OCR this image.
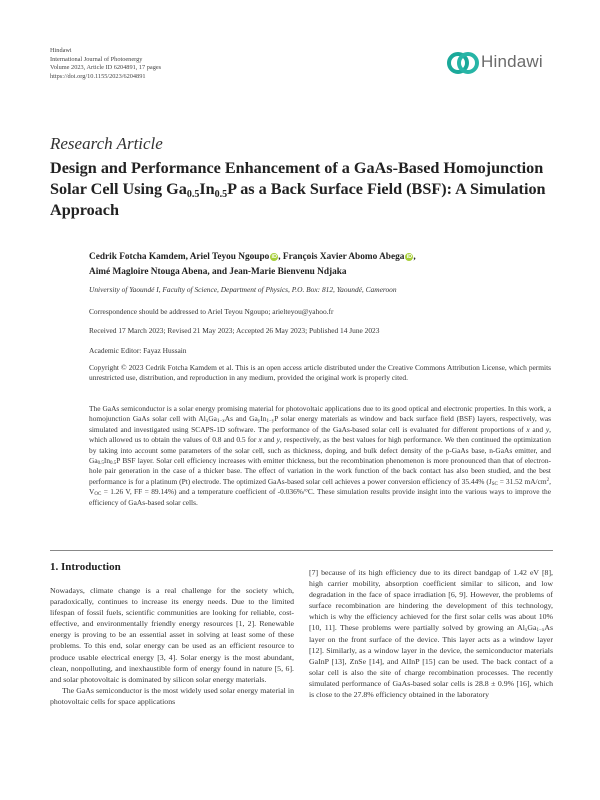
Hindawi
International Journal of Photoenergy
Volume 2023, Article ID 6204891, 17 pages
https://doi.org/10.1155/2023/6204891
Hindawi
Research Article
Design and Performance Enhancement of a GaAs-Based Homojunction Solar Cell Using $Ga_{0.5}In_{0.5}P$ as a Back Surface Field (BSF): A Simulation Approach
Cedrik Fotcha Kamdem, Ariel Teyou Ngoupo iD, François Xavier Abomo Abega iD,
Aimé Magloire Ntouga Abena, and Jean-Marie Bienvenu Ndjaka
University of Yaoundé I, Faculty of Science, Department of Physics, P.O. Box: 812, Yaoundé, Cameroon
Correspondence should be addressed to Ariel Teyou Ngoupo; arielteyou@yahoo.fr
Received 17 March 2023; Revised 21 May 2023; Accepted 26 May 2023; Published 14 June 2023
Academic Editor: Fayaz Hussain
Copyright © 2023 Cedrik Fotcha Kamdem et al. This is an open access article distributed under the Creative Commons Attribution License, which permits unrestricted use, distribution, and reproduction in any medium, provided the original work is properly cited.
The GaAs semiconductor is a solar energy promising material for photovoltaic applications due to its good optical and electronic properties. In this work, a homojunction GaAs solar cell with $Al_xGa_{1-x}As$ and $Ga_yIn_{1-y}P$ solar energy materials as window and back surface field (BSF) layers, respectively, was simulated and investigated using SCAPS-1D software. The performance of the GaAs-based solar cell is evaluated for different proportions of x and y, which allowed us to obtain the values of 0.8 and 0.5 for x and y, respectively, as the best values for high performance. We then continued the optimization by taking into account some parameters of the solar cell, such as thickness, doping, and bulk defect density of the p-GaAs base, n-GaAs emitter, and $Ga_{0.5}In_{0.5}P$ BSF layer. Solar cell efficiency increases with emitter thickness, but the recombination phenomenon is more pronounced than that of electron-hole pair generation in the case of a thicker base. The effect of variation in the work function of the back contact has also been studied, and the best performance is for a platinum (Pt) electrode. The optimized GaAs-based solar cell achieves a power conversion efficiency of 35.44% ($J_{SC} = 31.52$ $mA/cm^2$, $V_{OC} = 1.26$ V, FF = 89.14%) and a temperature coefficient of -0.036%/°C. These simulation results provide insight into the various ways to improve the efficiency of GaAs-based solar cells.
1. Introduction

Nowadays, climate change is a real challenge for the society which, paradoxically, continues to increase its energy needs. Due to the limited lifespan of fossil fuels, scientific communities are looking for reliable, cost-effective, and environmentally friendly energy resources [1, 2]. Renewable energy is proving to be an essential asset in solving at least some of these problems. To this end, solar energy can be used as an efficient resource to produce usable electrical energy [3, 4]. Solar energy is the most abundant, clean, nonpolluting, and inexhaustible form of energy found in nature [5, 6]. and solar photovoltaic is dominated by silicon solar energy materials.

The GaAs semiconductor is the most widely used solar energy material in photovoltaic cells for space applications

[7] because of its high efficiency due to its direct bandgap of 1.42 eV [8], high carrier mobility, absorption coefficient similar to silicon, and low degradation in the face of space irradiation [6, 9]. However, the problems of surface recombination are hindering the development of this technology, which is why the efficiency achieved for the first solar cells was about 10% [10, 11]. These problems were partially solved by growing an $Al_xGa_{1-x}As$ layer on the front surface of the device. This layer acts as a window layer [12]. Similarly, as a window layer in the device, the semiconductor materials GaInP [13], ZnSe [14], and AlInP [15] can be used. The back contact of a solar cell is also the site of charge recombination processes. The recently simulated performance of GaAs-based solar cells is 28.8 ± 0.9% [16], which is close to the 27.8% efficiency obtained in the laboratory
